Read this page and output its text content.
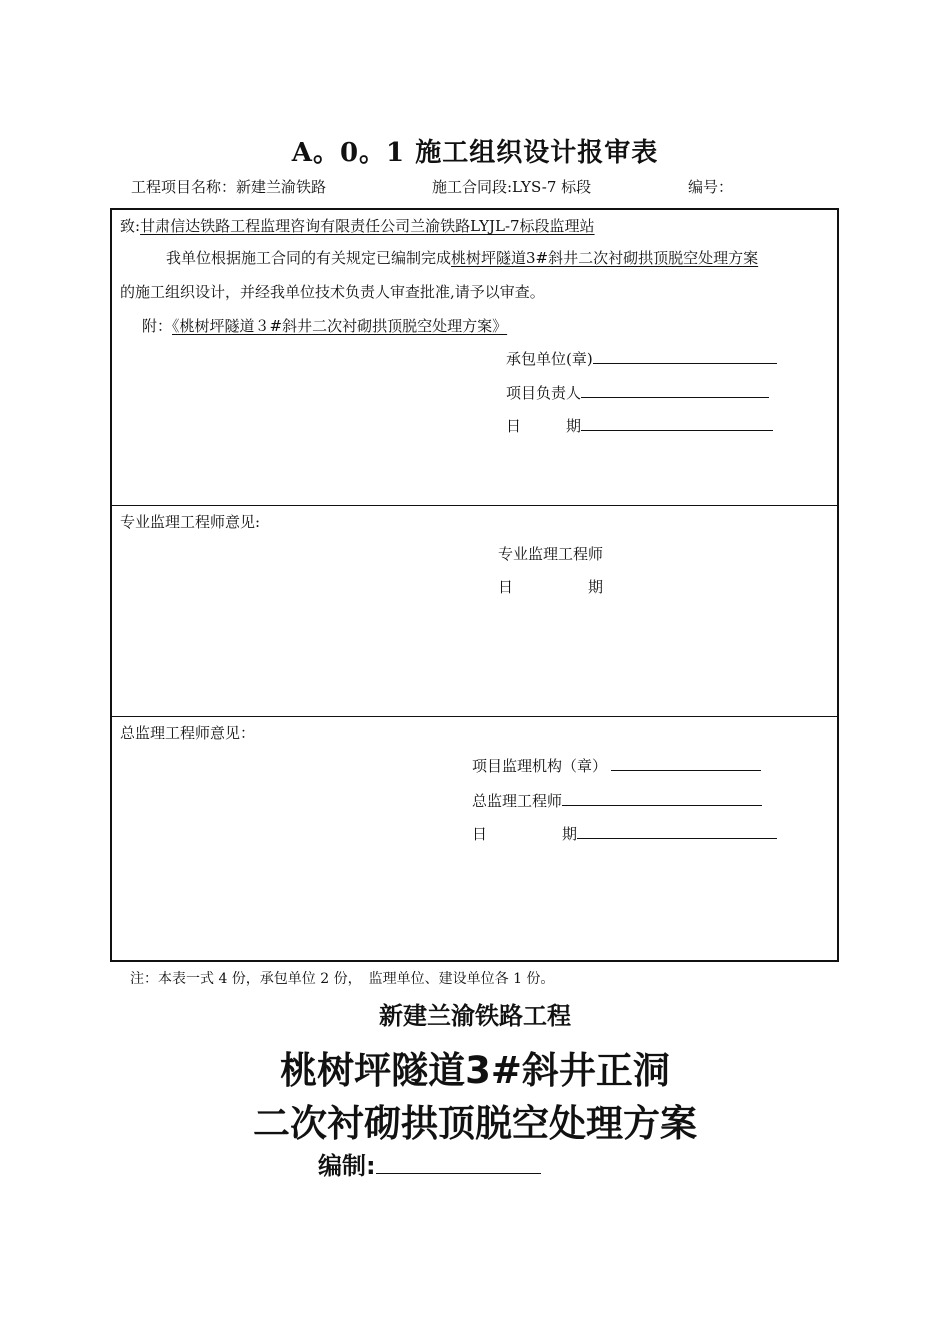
A。0。1 施工组织设计报审表
工程项目名称：新建兰渝铁路	施工合同段:LYS-7 标段	编号：
致:甘肃信达铁路工程监理咨询有限责任公司兰渝铁路LYJL-7标段监理站
我单位根据施工合同的有关规定已编制完成桃树坪隧道3#斜井二次衬砌拱顶脱空处理方案
的施工组织设计，并经我单位技术负责人审查批准,请予以审查。
附：《桃树坪隧道３#斜井二次衬砌拱顶脱空处理方案》
承包单位(章)
项目负责人
日　　　期
专业监理工程师意见:
专业监理工程师
日　　　　　期
总监理工程师意见：
项目监理机构（章）
总监理工程师
日　　　　　期
注：本表一式 4 份，承包单位 2 份，　监理单位、建设单位各 1 份。
新建兰渝铁路工程
桃树坪隧道3#斜井正洞
二次衬砌拱顶脱空处理方案
编制:
